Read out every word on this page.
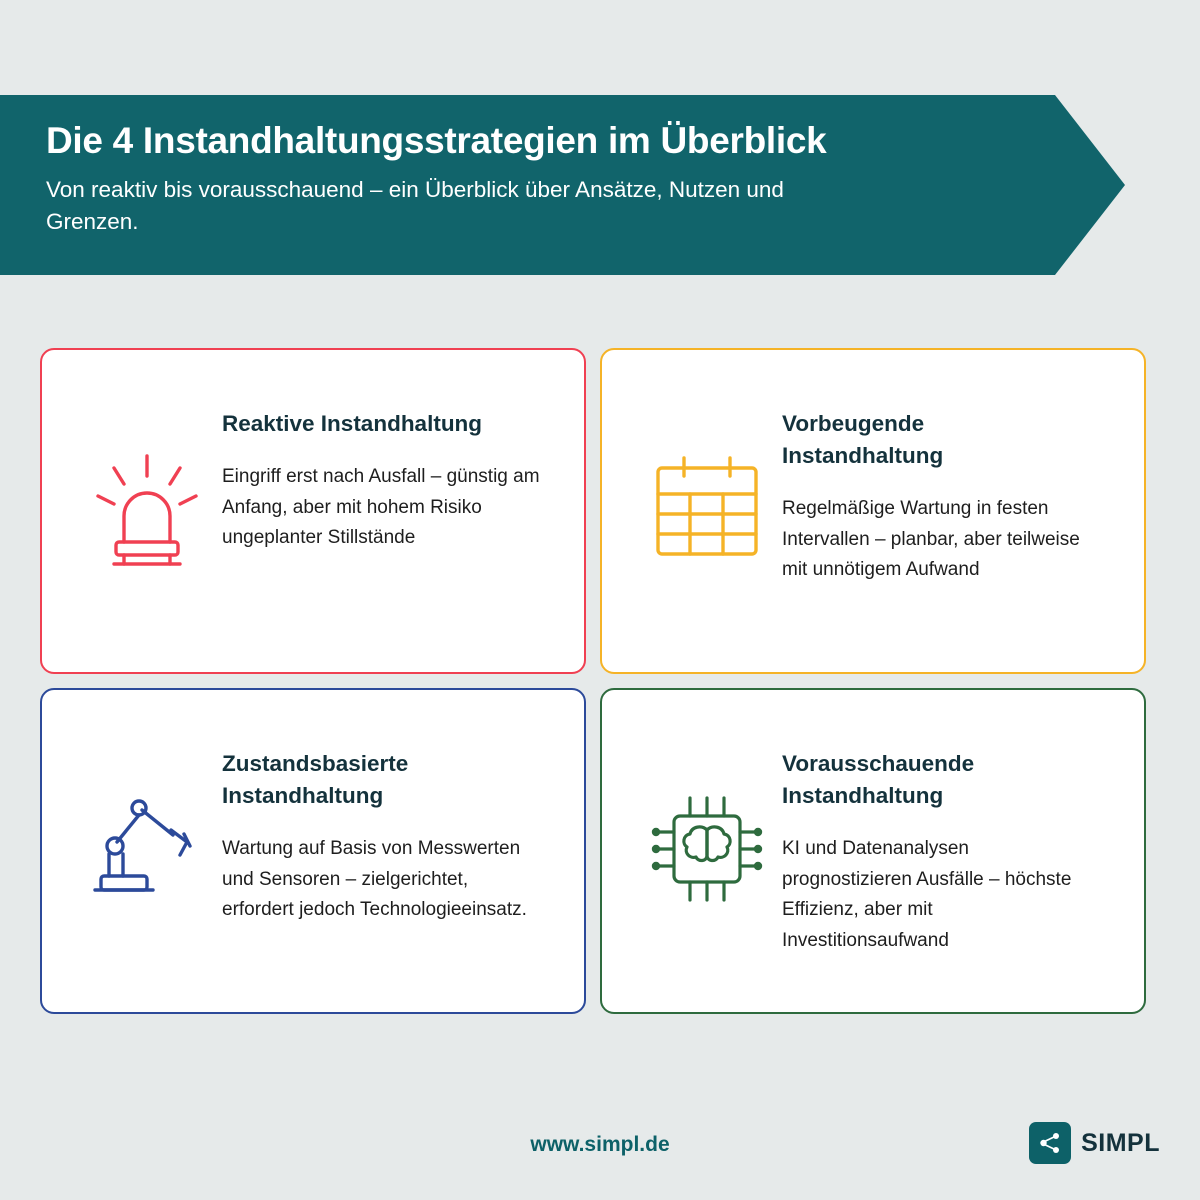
Die 4 Instandhaltungsstrategien im Überblick

Von reaktiv bis vorausschauend – ein Überblick über Ansätze, Nutzen und Grenzen.

Reaktive Instandhaltung

Eingriff erst nach Ausfall – günstig am Anfang, aber mit hohem Risiko ungeplanter Stillstände

Vorbeugende Instandhaltung

Regelmäßige Wartung in festen Intervallen – planbar, aber teilweise mit unnötigem Aufwand

Zustandsbasierte Instandhaltung

Wartung auf Basis von Messwerten und Sensoren – zielgerichtet, erfordert jedoch Technologieeinsatz.

Vorausschauende Instandhaltung

KI und Datenanalysen prognostizieren Ausfälle – höchste Effizienz, aber mit Investitionsaufwand

www.simpl.de	SIMPL
